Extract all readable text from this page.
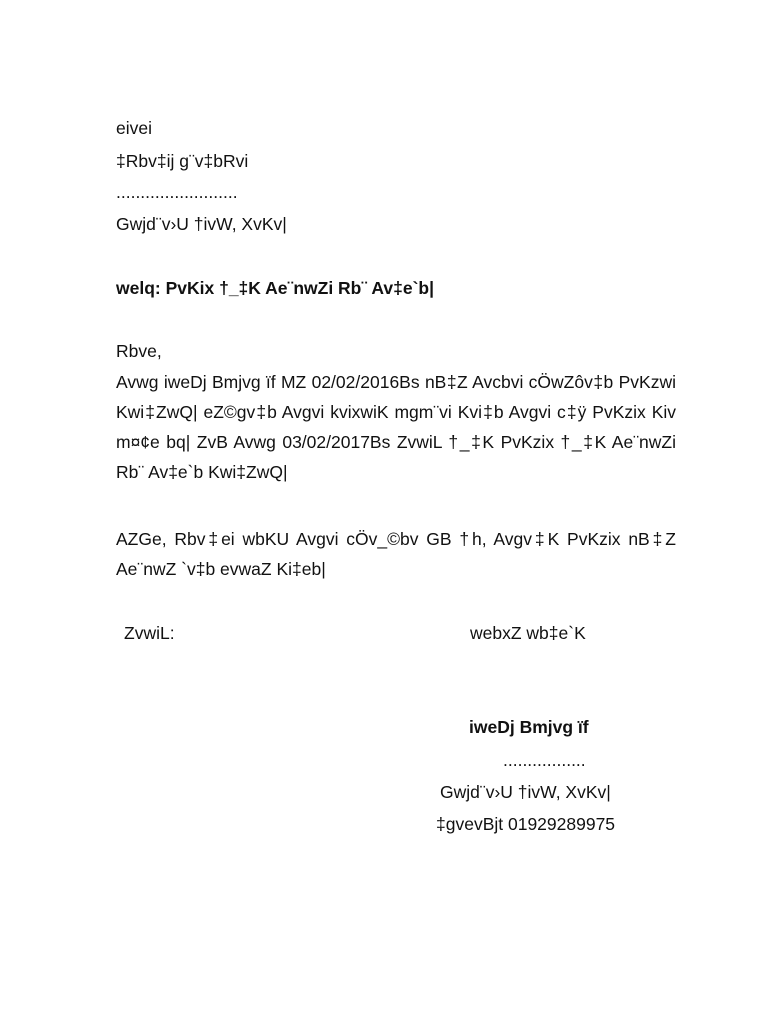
eivei
‡Rbv‡ij g¨v‡bRvi
.........................
Gwjd¨v›U †ivW, XvKv|
welq: PvKix †_‡K Ae¨nwZi Rb¨ Av‡e`b|
Rbve,
Avwg iweDj Bmjvg ïf MZ 02/02/2016Bs nB‡Z Avcbvi cÖwZôv‡b PvKzwi Kwi‡ZwQ| eZ©gv‡b Avgvi kvixwiK mgm¨vi Kvi‡b Avgvi c‡ÿ PvKzix Kiv m¤¢e bq| ZvB Avwg 03/02/2017Bs ZvwiL †_‡K PvKzix †_‡K Ae¨nwZi Rb¨ Av‡e`b Kwi‡ZwQ|
AZGe, Rbv‡ei wbKU Avgvi cÖv_©bv GB †h, Avgv‡K PvKzix nB‡Z Ae¨nwZ `v‡b evwaZ Ki‡eb|
ZvwiL:	webxZ wb‡e`K
iweDj Bmjvg ïf
.................
Gwjd¨v›U †ivW, XvKv|
‡gvevBjt 01929289975
